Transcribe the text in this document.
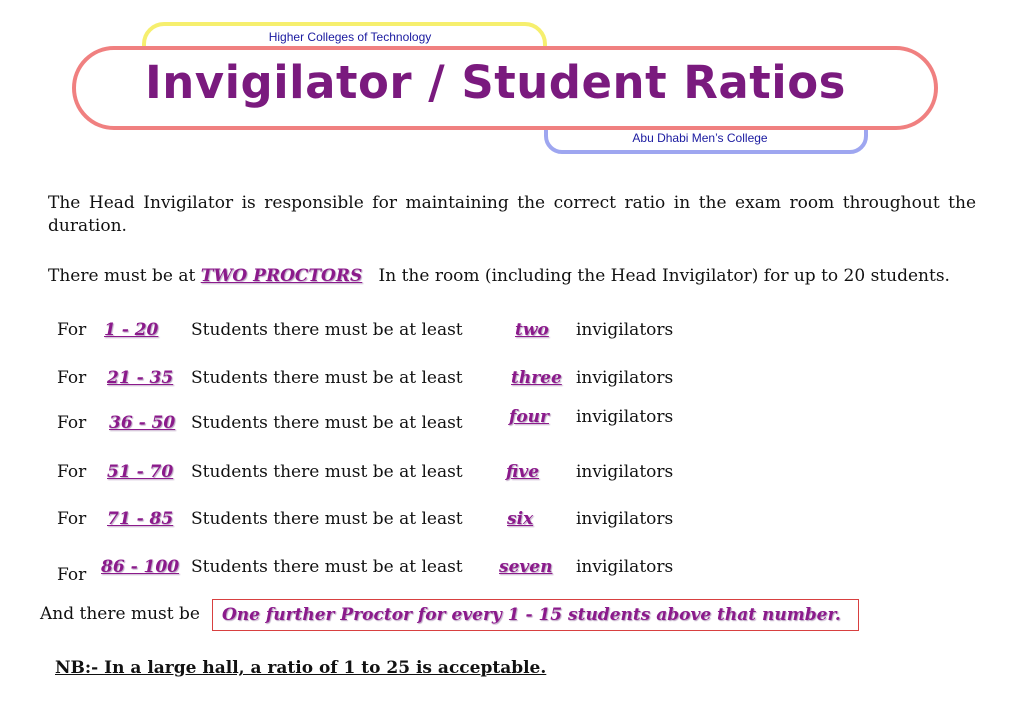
Higher Colleges of Technology
Invigilator / Student Ratios
Abu Dhabi Men’s College
The Head Invigilator is responsible for maintaining the correct ratio in the exam room throughout the duration.
There must be at TWO PROCTORS In the room (including the Head Invigilator) for up to 20 students.
For 1 - 20 Students there must be at least	two invigilators
For 21 - 35 Students there must be at least	three invigilators
For 36 - 50 Students there must be at least	four invigilators
For 51 - 70 Students there must be at least	five invigilators
For 71 - 85 Students there must be at least	six	invigilators
For 86 - 100 Students there must be at least seven invigilators
And there must be One further Proctor for every 1 - 15 students above that number.
NB:- In a large hall, a ratio of 1 to 25 is acceptable.
